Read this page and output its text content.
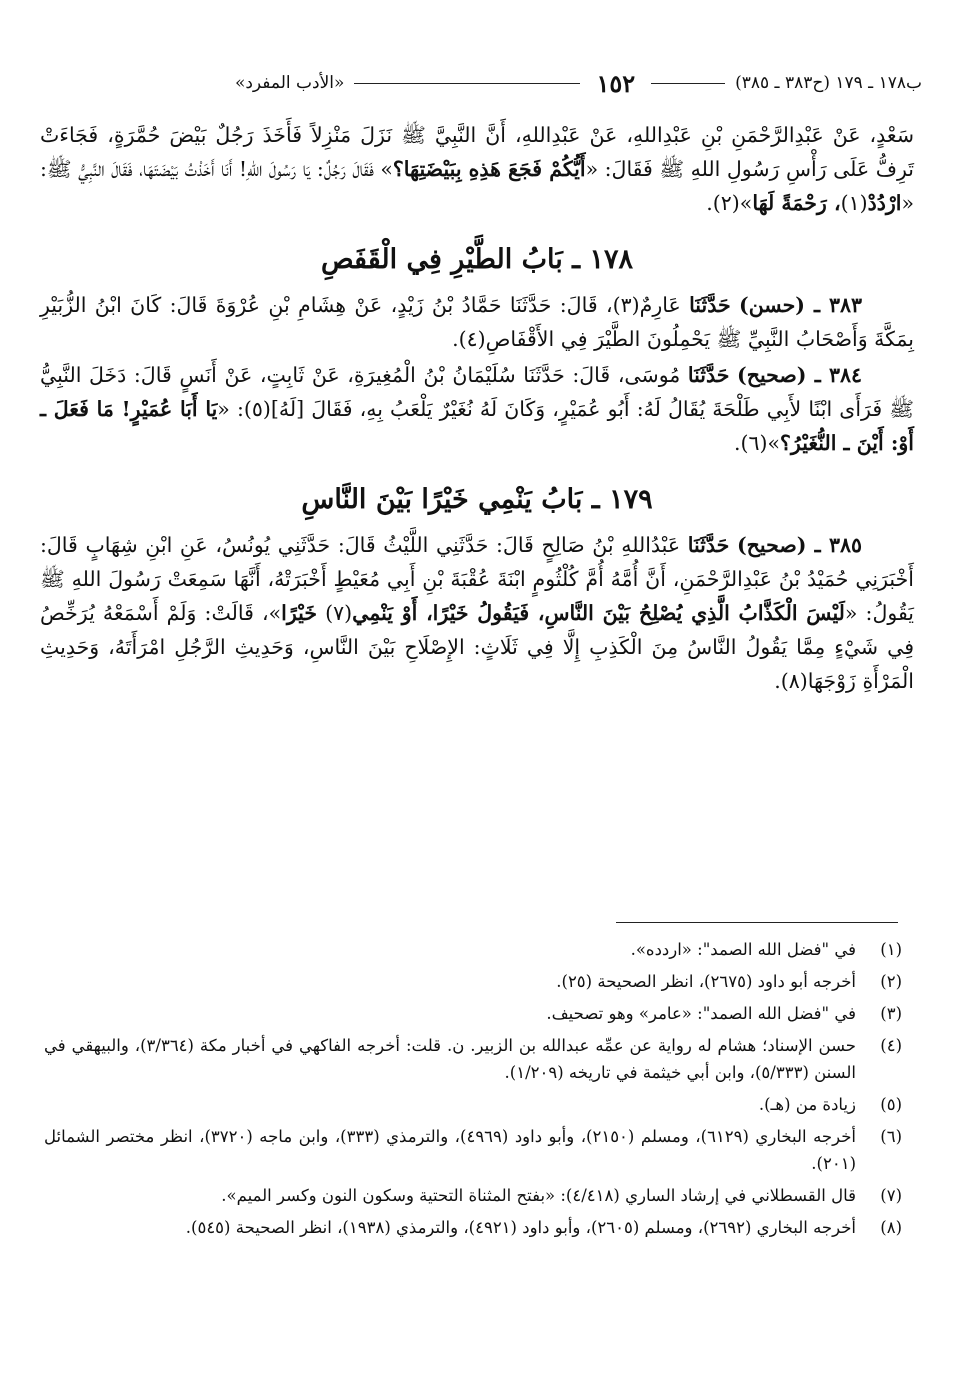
ب١٧٨ ـ ١٧٩ (ح٣٨٣ ـ ٣٨٥)
١٥٢
«الأدب المفرد»

سَعْدٍ، عَنْ عَبْدِالرَّحْمَنِ بْنِ عَبْدِاللهِ، عَنْ عَبْدِاللهِ، أَنَّ النَّبِيَّ ﷺ نَزَلَ مَنْزِلاً فَأَخَذَ رَجُلٌ بَيْضَ حُمَّرَةٍ، فَجَاءَتْ تَرِفُّ عَلَى رَأْسِ رَسُولِ اللهِ ﷺ فَقَالَ: «أَيُّكُمْ فَجَعَ هَذِهِ بِبَيْضَتِهَا؟» فَقَالَ رَجُلٌ: يَا رَسُولَ اللهِ! أَنَا أَخَذْتُ بَيْضَتَهَا، فَقَالَ النَّبِيُّ ﷺ: «ارْدُدْ(١)، رَحْمَةً لَهَا»(٢).

١٧٨ ـ بَابُ الطَّيْرِ فِي الْقَفَصِ

٣٨٣ ـ (حسن) حَدَّثَنَا عَارِمٌ(٣)، قَالَ: حَدَّثَنَا حَمَّادُ بْنُ زَيْدٍ، عَنْ هِشَامِ بْنِ عُرْوَةَ قَالَ: كَانَ ابْنُ الزُّبَيْرِ بِمَكَّةَ وَأَصْحَابُ النَّبِيِّ ﷺ يَحْمِلُونَ الطَّيْرَ فِي الأَقْفَاصِ(٤).

٣٨٤ ـ (صحيح) حَدَّثَنَا مُوسَى، قَالَ: حَدَّثَنَا سُلَيْمَانُ بْنُ الْمُغِيرَةِ، عَنْ ثَابِتٍ، عَنْ أَنَسٍ قَالَ: دَخَلَ النَّبِيُّ ﷺ فَرَأَى ابْنًا لأَبِي طَلْحَةَ يُقَالُ لَهُ: أَبُو عُمَيْرٍ، وَكَانَ لَهُ نُغَيْرٌ يَلْعَبُ بِهِ، فَقَالَ [لَهُ](٥): «يَا أَبَا عُمَيْرٍ! مَا فَعَلَ ـ أَوْ: أَيْنَ ـ النُّغَيْرُ؟»(٦).

١٧٩ ـ بَابُ يَنْمِي خَيْرًا بَيْنَ النَّاسِ

٣٨٥ ـ (صحيح) حَدَّثَنَا عَبْدُاللهِ بْنُ صَالِحٍ قَالَ: حَدَّثَنِي اللَّيْثُ قَالَ: حَدَّثَنِي يُونُسُ، عَنِ ابْنِ شِهَابٍ قَالَ: أَخْبَرَنِي حُمَيْدُ بْنُ عَبْدِالرَّحْمَنِ، أَنَّ أُمَّهُ أُمَّ كُلْثُومٍ ابْنَةَ عُقْبَةَ بْنِ أَبِي مُعَيْطٍ أَخْبَرَتْهُ، أَنَّهَا سَمِعَتْ رَسُولَ اللهِ ﷺ يَقُولُ: «لَيْسَ الْكَذَّابُ الَّذِي يُصْلِحُ بَيْنَ النَّاسِ، فَيَقُولُ خَيْرًا، أَوْ يَنْمِي(٧) خَيْرًا»، قَالَتْ: وَلَمْ أَسْمَعْهُ يُرَخِّصُ فِي شَيْءٍ مِمَّا يَقُولُ النَّاسُ مِنَ الْكَذِبِ إِلَّا فِي ثَلَاثٍ: الإِصْلَاحِ بَيْنَ النَّاسِ، وَحَدِيثِ الرَّجُلِ امْرَأَتَهُ، وَحَدِيثِ الْمَرْأَةِ زَوْجَهَا(٨).

(١)
في "فضل الله الصمد": «اردده».
(٢)
أخرجه أبو داود (٢٦٧٥)، انظر الصحيحة (٢٥).
(٣)
في "فضل الله الصمد": «عامر» وهو تصحيف.
(٤)
حسن الإسناد؛ هشام له رواية عن عمِّه عبدالله بن الزبير. ن. قلت: أخرجه الفاكهي في أخبار مكة (٣/٣٦٤)، والبيهقي في السنن (٥/٣٣٣)، وابن أبي خيثمة في تاريخه (١/٢٠٩).
(٥)
زيادة من (هـ).
(٦)
أخرجه البخاري (٦١٢٩)، ومسلم (٢١٥٠)، وأبو داود (٤٩٦٩)، والترمذي (٣٣٣)، وابن ماجه (٣٧٢٠)، انظر مختصر الشمائل (٢٠١).
(٧)
قال القسطلاني في إرشاد الساري (٤/٤١٨): «بفتح المثناة التحتية وسكون النون وكسر الميم».
(٨)
أخرجه البخاري (٢٦٩٢)، ومسلم (٢٦٠٥)، وأبو داود (٤٩٢١)، والترمذي (١٩٣٨)، انظر الصحيحة (٥٤٥).
